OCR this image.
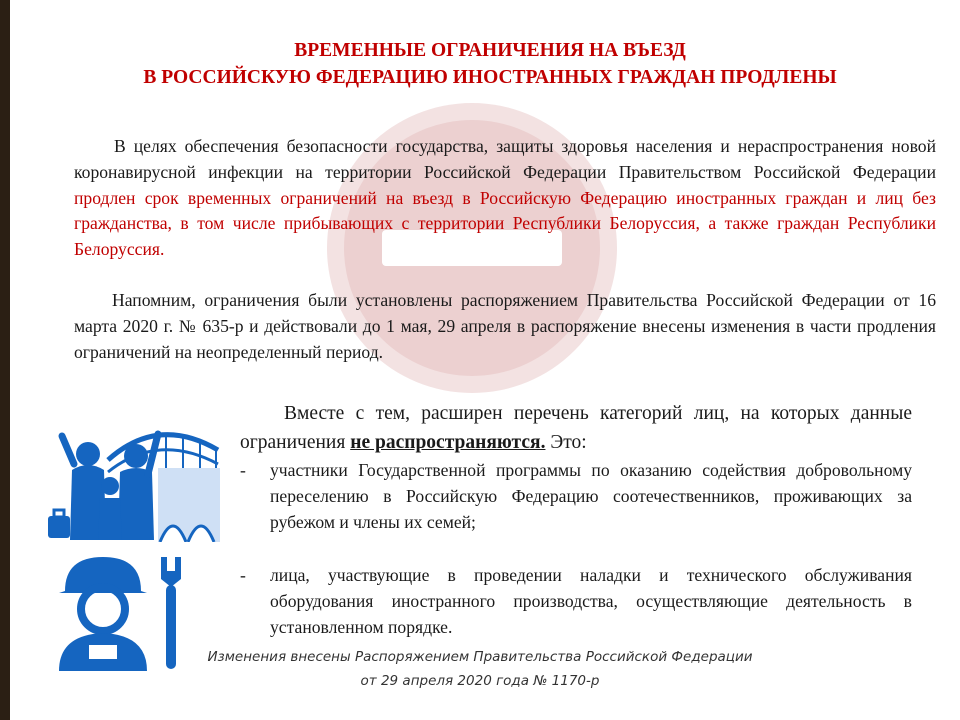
ВРЕМЕННЫЕ ОГРАНИЧЕНИЯ НА ВЪЕЗД
В РОССИЙСКУЮ ФЕДЕРАЦИЮ ИНОСТРАННЫХ ГРАЖДАН ПРОДЛЕНЫ
В целях обеспечения безопасности государства, защиты здоровья населения и нераспространения новой коронавирусной инфекции на территории Российской Федерации Правительством Российской Федерации продлен срок временных ограничений на въезд в Российскую Федерацию иностранных граждан и лиц без гражданства, в том числе прибывающих с территории Республики Белоруссия, а также граждан Республики Белоруссия.
Напомним, ограничения были установлены распоряжением Правительства Российской Федерации от 16 марта 2020 г. № 635-р и действовали до 1 мая, 29 апреля в распоряжение внесены изменения в части продления ограничений на неопределенный период.
Вместе с тем, расширен перечень категорий лиц, на которых данные ограничения не распространяются. Это:
- участники Государственной программы по оказанию содействия добровольному переселению в Российскую Федерацию соотечественников, проживающих за рубежом и члены их семей;
- лица, участвующие в проведении наладки и технического обслуживания оборудования иностранного производства, осуществляющие деятельность в установленном порядке.
Изменения внесены Распоряжением Правительства Российской Федерации
от 29 апреля 2020 года № 1170-р
